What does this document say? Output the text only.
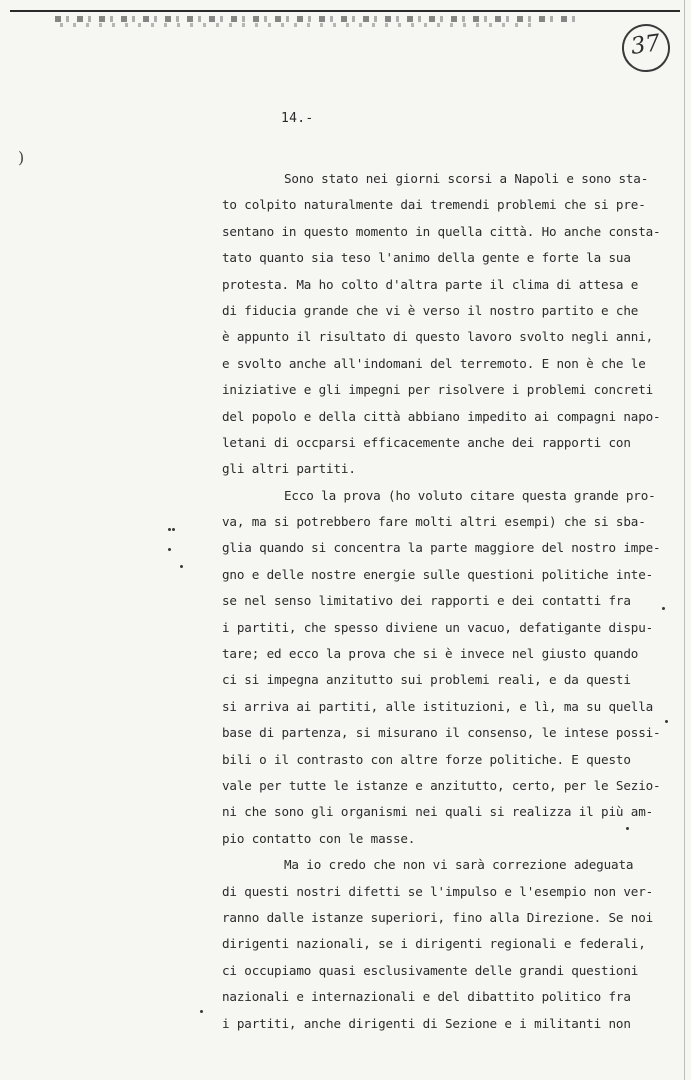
37
14.-
)
Sono stato nei giorni scorsi a Napoli e sono sta-
to colpito naturalmente dai tremendi problemi che si pre-
sentano in questo momento in quella città. Ho anche consta-
tato quanto sia teso l'animo della gente e forte la sua
protesta. Ma ho colto d'altra parte il clima di attesa e
di fiducia grande che vi è verso il nostro partito e che
è appunto il risultato di questo lavoro svolto negli anni,
e svolto anche all'indomani del terremoto. E non è che le
iniziative e gli impegni per risolvere i problemi concreti
del popolo e della città abbiano impedito ai compagni napo-
letani di occparsi efficacemente anche dei rapporti con
gli altri partiti.
Ecco la prova (ho voluto citare questa grande pro-
va, ma si potrebbero fare molti altri esempi) che si sba-
glia quando si concentra la parte maggiore del nostro impe-
gno e delle nostre energie sulle questioni politiche inte-
se nel senso limitativo dei rapporti e dei contatti fra
i partiti, che spesso diviene un vacuo, defatigante dispu-
tare; ed ecco la prova che si è invece nel giusto quando
ci si impegna anzitutto sui problemi reali, e da questi
si arriva ai partiti, alle istituzioni, e lì, ma su quella
base di partenza, si misurano il consenso, le intese possi-
bili o il contrasto con altre forze politiche. E questo
vale per tutte le istanze e anzitutto, certo, per le Sezio-
ni che sono gli organismi nei quali si realizza il più am-
pio contatto con le masse.
Ma io credo che non vi sarà correzione adeguata
di questi nostri difetti se l'impulso e l'esempio non ver-
ranno dalle istanze superiori, fino alla Direzione. Se noi
dirigenti nazionali, se i dirigenti regionali e federali,
ci occupiamo quasi esclusivamente delle grandi questioni
nazionali e internazionali e del dibattito politico fra
i partiti, anche dirigenti di Sezione e i militanti non
